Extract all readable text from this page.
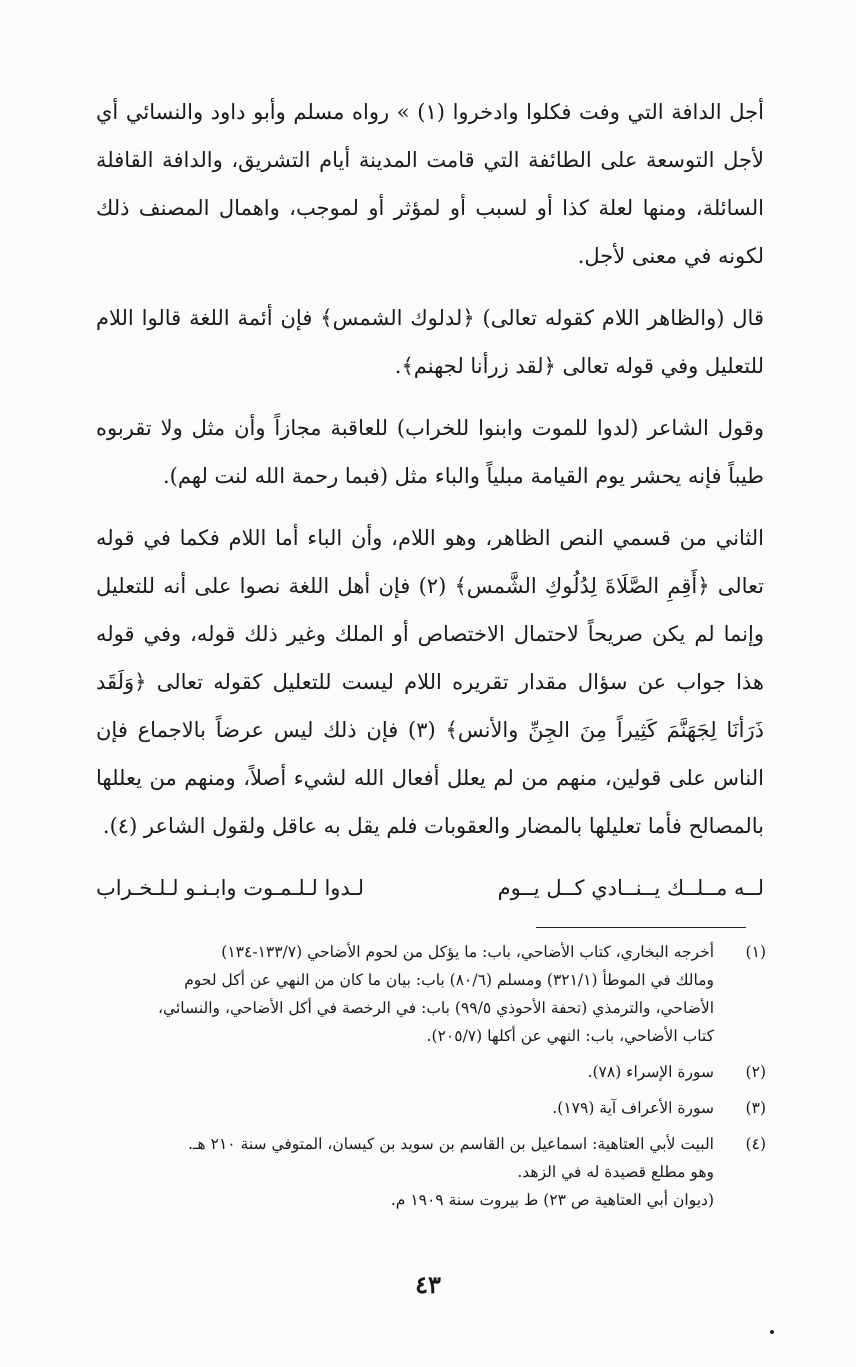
أجل الدافة التي وفت فكلوا وادخروا (١) » رواه مسلم وأبو داود والنسائي أي لأجل التوسعة على الطائفة التي قامت المدينة أيام التشريق، والدافة القافلة السائلة، ومنها لعلة كذا أو لسبب أو لمؤثر أو لموجب، واهمال المصنف ذلك لكونه في معنى لأجل.

قال (والظاهر اللام كقوله تعالى) ﴿لدلوك الشمس﴾ فإن أئمة اللغة قالوا اللام للتعليل وفي قوله تعالى ﴿لقد زرأنا لجهنم﴾.

وقول الشاعر (لدوا للموت وابنوا للخراب) للعاقبة مجازاً وأن مثل ولا تقربوه طيباً فإنه يحشر يوم القيامة مبلياً والباء مثل (فبما رحمة الله لنت لهم).

الثاني من قسمي النص الظاهر، وهو اللام، وأن الباء أما اللام فكما في قوله تعالى ﴿أَقِمِ الصَّلَاةَ لِدُلُوكِ الشَّمس﴾ (٢) فإن أهل اللغة نصوا على أنه للتعليل وإنما لم يكن صريحاً لاحتمال الاختصاص أو الملك وغير ذلك قوله، وفي قوله هذا جواب عن سؤال مقدار تقريره اللام ليست للتعليل كقوله تعالى ﴿وَلَقَد ذَرَأنَا لِجَهَنَّمَ كَثِيراً مِنَ الجِنِّ والأنس﴾ (٣) فإن ذلك ليس عرضاً بالاجماع فإن الناس على قولين، منهم من لم يعلل أفعال الله لشيء أصلاً، ومنهم من يعللها بالمصالح فأما تعليلها بالمضار والعقوبات فلم يقل به عاقل ولقول الشاعر (٤).

لــه مــلــك يــنــادي كــل يــوم
لـدوا لـلـمـوت وابـنـو لـلـخـراب
(١)

أخرجه البخاري، كتاب الأضاحي، باب: ما يؤكل من لحوم الأضاحي (١٣٣/٧-١٣٤)

ومالك في الموطأ (٣٢١/١) ومسلم (٨٠/٦) باب: بيان ما كان من النهي عن أكل لحوم

الأضاحي، والترمذي (تحفة الأحوذي ٩٩/٥) باب: في الرخصة في أكل الأضاحي، والنسائي،

كتاب الأضاحي، باب: النهي عن أكلها (٢٠٥/٧).

(٢)

سورة الإسراء (٧٨).

(٣)

سورة الأعراف آية (١٧٩).

(٤)

البيت لأبي العتاهية: اسماعيل بن القاسم بن سويد بن كيسان، المتوفي سنة ٢١٠ هـ.

وهو مطلع قصيدة له في الزهد.

(ديوان أبي العتاهية ص ٢٣) ط بيروت سنة ١٩٠٩ م.

٤٣
